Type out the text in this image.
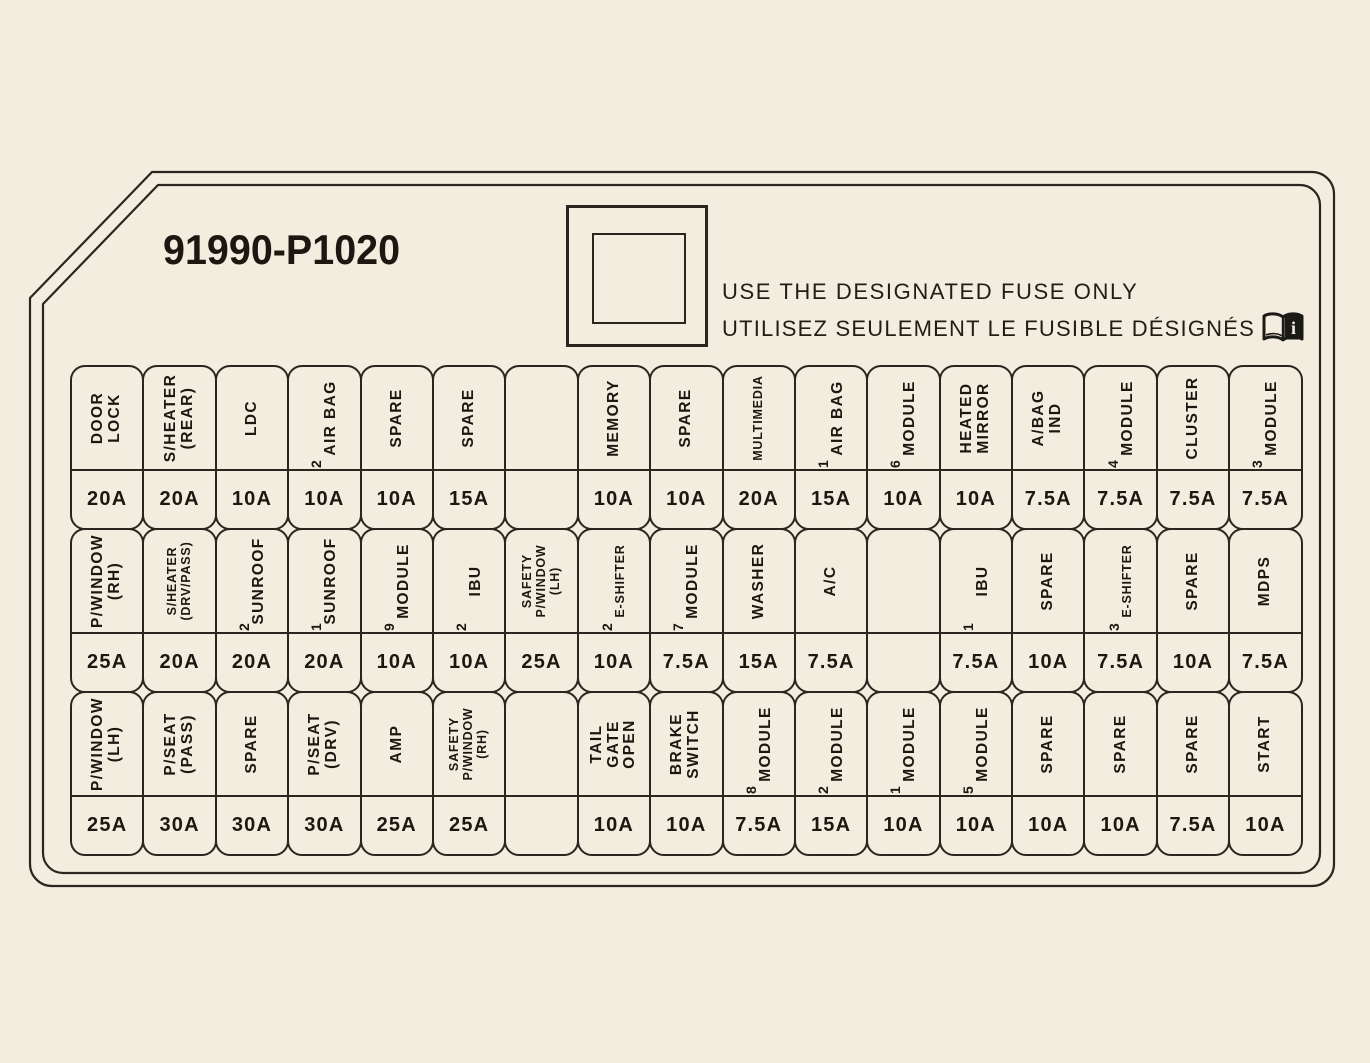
91990-P1020
USE THE DESIGNATED FUSE ONLY
UTILISEZ SEULEMENT LE FUSIBLE DÉSIGNÉS i
DOOR LOCK
20A
S/HEATER (REAR)
20A
LDC
10A
2
AIR BAG
10A
SPARE
10A
SPARE
15A
MEMORY
10A
SPARE
10A
MULTIMEDIA
20A
1
AIR BAG
15A
6
MODULE
10A
HEATED MIRROR
10A
A/BAG IND
7.5A
4
MODULE
7.5A
CLUSTER
7.5A
3
MODULE
7.5A
P/WINDOW (RH)
25A
S/HEATER (DRV/PASS)
20A
2
SUNROOF
20A
1
SUNROOF
20A
9
MODULE
10A
2
IBU
10A
SAFETY P/WINDOW (LH)
25A
2
E-SHIFTER
10A
7
MODULE
7.5A
WASHER
15A
A/C
7.5A
1
IBU
7.5A
SPARE
10A
3
E-SHIFTER
7.5A
SPARE
10A
MDPS
7.5A
P/WINDOW (LH)
25A
P/SEAT (PASS)
30A
SPARE
30A
P/SEAT (DRV)
30A
AMP
25A
SAFETY P/WINDOW (RH)
25A
TAIL GATE OPEN
10A
BRAKE SWITCH
10A
8
MODULE
7.5A
2
MODULE
15A
1
MODULE
10A
5
MODULE
10A
SPARE
10A
SPARE
10A
SPARE
7.5A
START
10A
